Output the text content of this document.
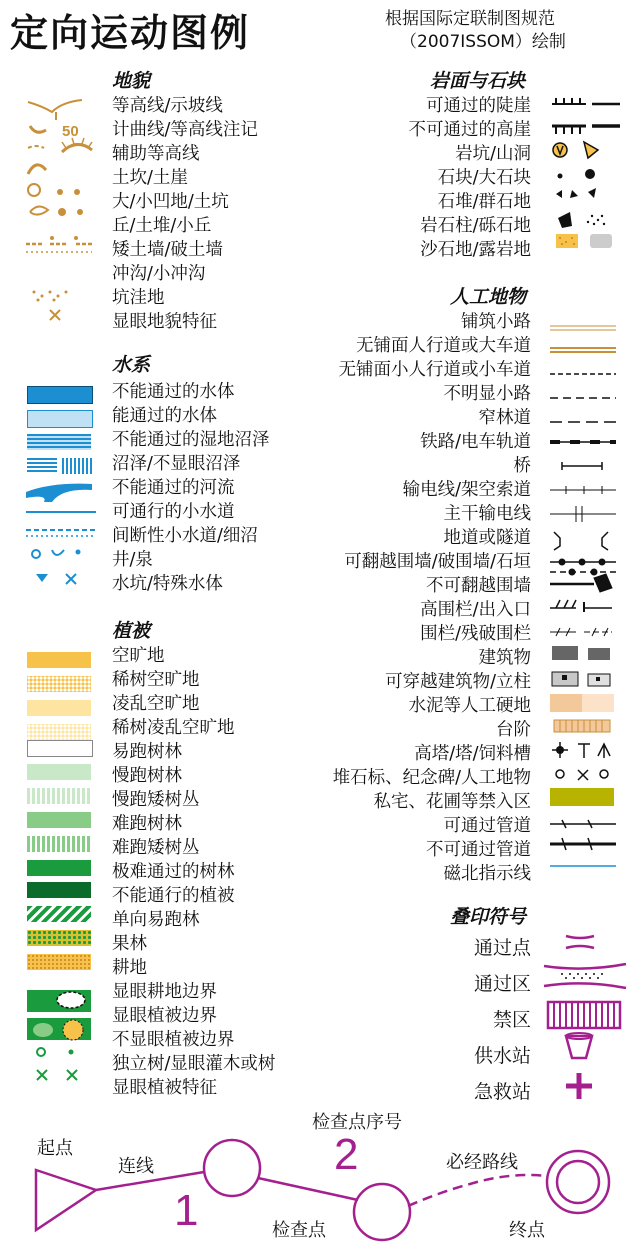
定向运动图例	根据国际定联制图规范
（2007ISSOM）绘制
地貌
等高线/示坡线
计曲线/等高线注记
辅助等高线
土坎/土崖
大/小凹地/土坑
丘/土堆/小丘
矮土墙/破土墙
冲沟/小冲沟
坑洼地
显眼地貌特征
50
水系
不能通过的水体
能通过的水体
不能通过的湿地沼泽
沼泽/不显眼沼泽
不能通过的河流
可通行的小水道
间断性小水道/细沼
井/泉
水坑/特殊水体
植被
空旷地
稀树空旷地
凌乱空旷地
稀树凌乱空旷地
易跑树林
慢跑树林
慢跑矮树丛
难跑树林
难跑矮树丛
极难通过的树林
不能通行的植被
单向易跑林
果林
耕地
显眼耕地边界
显眼植被边界
不显眼植被边界
独立树/显眼灌木或树
显眼植被特征
岩面与石块
可通过的陡崖
不可通过的高崖
岩坑/山洞
石块/大石块
石堆/群石地
岩石柱/砾石地
沙石地/露岩地
人工地物
铺筑小路
无铺面人行道或大车道
无铺面小人行道或小车道
不明显小路
窄林道
铁路/电车轨道
桥
输电线/架空索道
主干输电线
地道或隧道
可翻越围墙/破围墙/石垣
不可翻越围墙
高围栏/出入口
围栏/残破围栏
建筑物
可穿越建筑物/立柱
水泥等人工硬地
台阶
高塔/塔/饲料槽
堆石标、纪念碑/人工地物
私宅、花圃等禁入区
可通过管道
不可通过管道
磁北指示线
叠印符号
通过点
通过区
禁区
供水站
急救站
检查点序号
起点
连线	必经路线
检查点	终点
1
2
